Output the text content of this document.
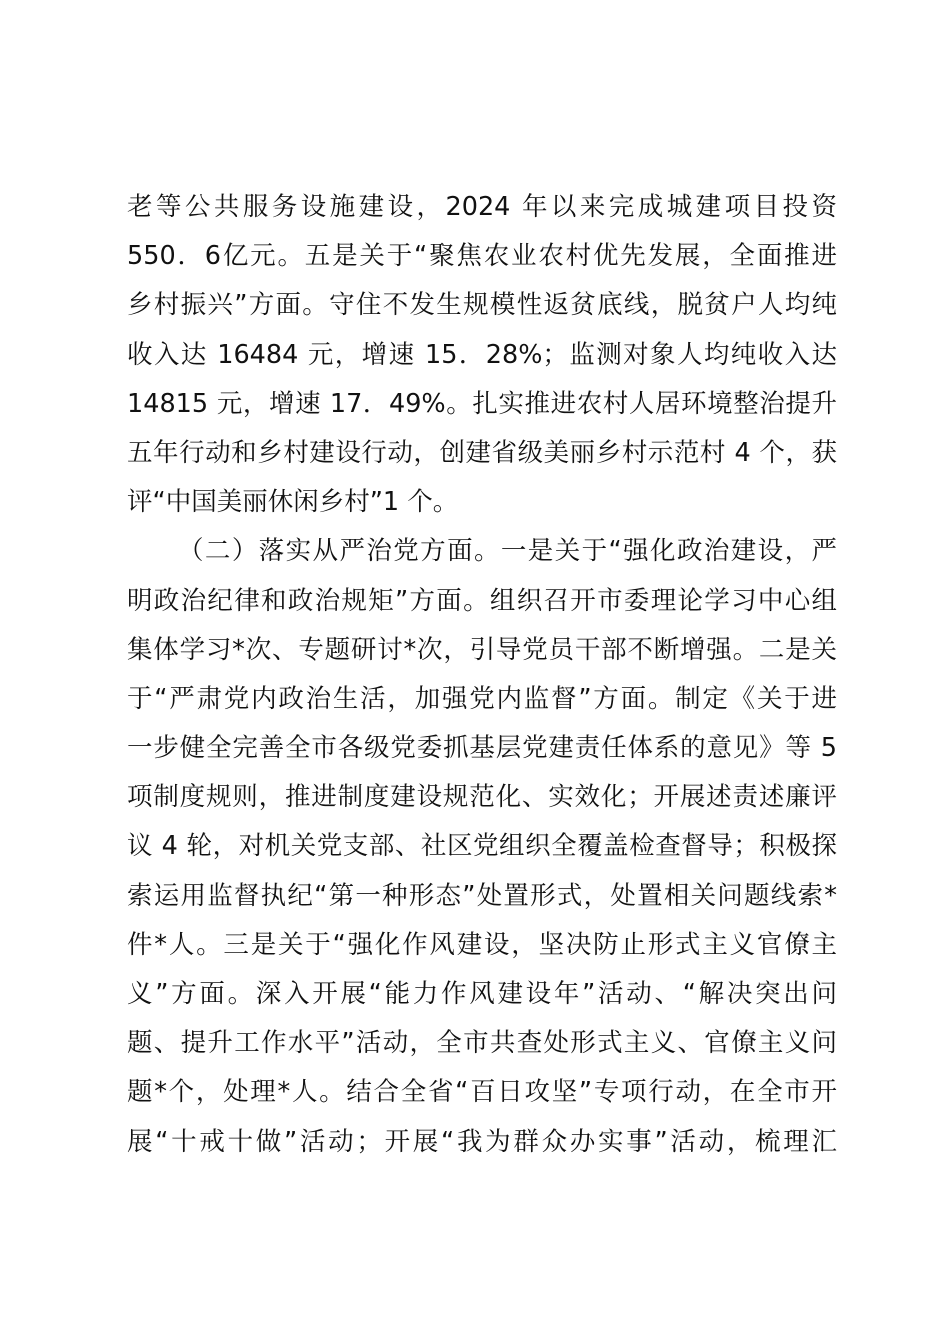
老等公共服务设施建设，2024 年以来完成城建项目投资
550．6亿元。五是关于“聚焦农业农村优先发展，全面推进
乡村振兴”方面。守住不发生规模性返贫底线，脱贫户人均纯
收入达 16484 元，增速 15．28%；监测对象人均纯收入达
14815 元，增速 17．49%。扎实推进农村人居环境整治提升
五年行动和乡村建设行动，创建省级美丽乡村示范村 4 个，获
评“中国美丽休闲乡村”1 个。
（二）落实从严治党方面。一是关于“强化政治建设，严
明政治纪律和政治规矩”方面。组织召开市委理论学习中心组
集体学习*次、专题研讨*次，引导党员干部不断增强。二是关
于“严肃党内政治生活，加强党内监督”方面。制定《关于进
一步健全完善全市各级党委抓基层党建责任体系的意见》等 5
项制度规则，推进制度建设规范化、实效化；开展述责述廉评
议 4 轮，对机关党支部、社区党组织全覆盖检查督导；积极探
索运用监督执纪“第一种形态”处置形式，处置相关问题线索*
件*人。三是关于“强化作风建设，坚决防止形式主义官僚主
义”方面。深入开展“能力作风建设年”活动、“解决突出问
题、提升工作水平”活动，全市共查处形式主义、官僚主义问
题*个，处理*人。结合全省“百日攻坚”专项行动，在全市开
展“十戒十做”活动；开展“我为群众办实事”活动，梳理汇
